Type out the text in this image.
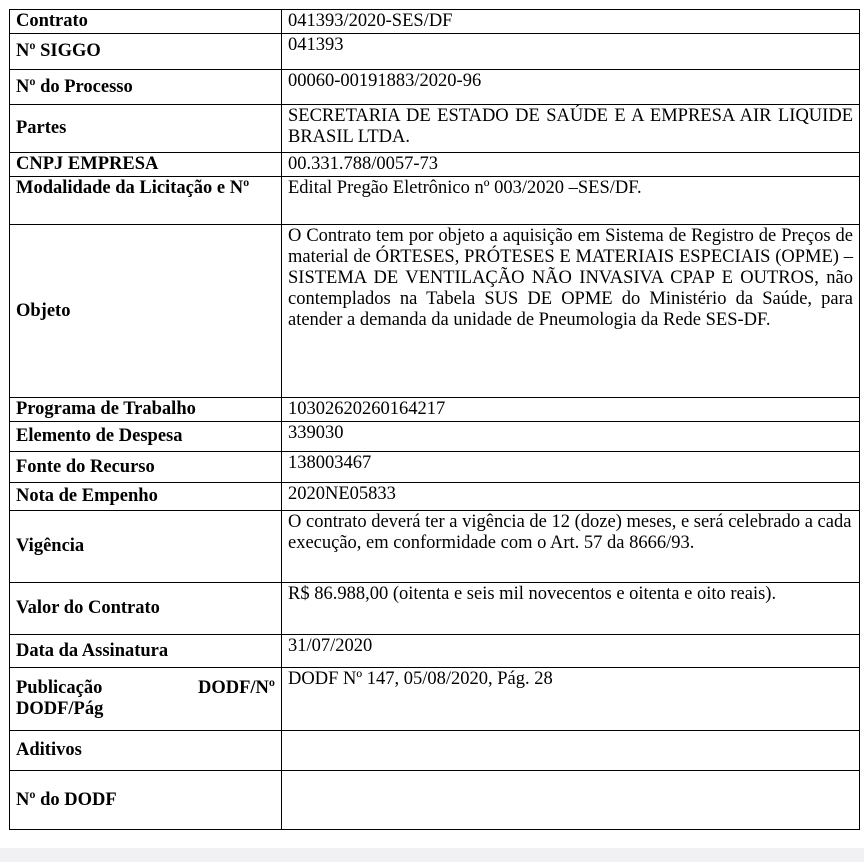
Contrato	041393/2020-SES/DF
Nº SIGGO	041393
Nº do Processo	00060-00191883/2020-96
Partes	SECRETARIA DE ESTADO DE SAÚDE E A EMPRESA AIR LIQUIDE BRASIL LTDA.
CNPJ EMPRESA	00.331.788/0057-73
Modalidade da Licitação e Nº	Edital Pregão Eletrônico nº 003/2020 –SES/DF.
Objeto	O Contrato tem por objeto a aquisição em Sistema de Registro de Preços de material de ÓRTESES, PRÓTESES E MATERIAIS ESPECIAIS (OPME) – SISTEMA DE VENTILAÇÃO NÃO INVASIVA CPAP E OUTROS, não contemplados na Tabela SUS DE OPME do Ministério da Saúde, para atender a demanda da unidade de Pneumologia da Rede SES-DF.
Programa de Trabalho	10302620260164217
Elemento de Despesa	339030
Fonte do Recurso	138003467
Nota de Empenho	2020NE05833
Vigência	O contrato deverá ter a vigência de 12 (doze) meses, e será celebrado a cada execução, em conformidade com o Art. 57 da 8666/93.
Valor do Contrato	R$ 86.988,00 (oitenta e seis mil novecentos e oitenta e oito reais).
Data da Assinatura	31/07/2020
Publicação DODF/Nº DODF/Pág	DODF Nº 147, 05/08/2020, Pág. 28
Aditivos	
Nº do DODF	
